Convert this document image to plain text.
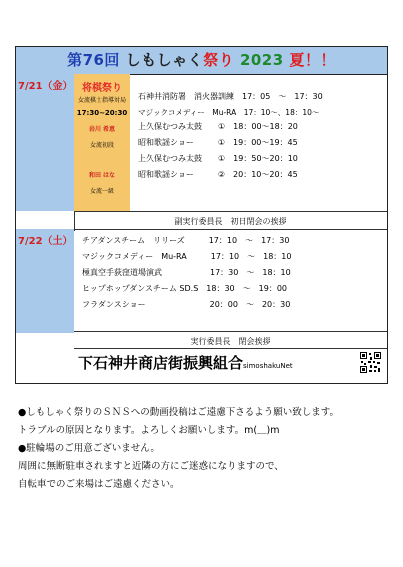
第76回 しもしゃく祭り 2023 夏！！
7/21（金） 将棋祭り
女流棋士指導対局
17:30~20:30
岩川 希恵
女流初段
和田 はな
女流一級
石神井消防署　消火器訓練　17：05　～　17：30
マジックコメディー　Mu-RA　17：10～、18：10～
上久保むつみ太鼓　　①　18：00～18：20
昭和歌謡ショー　　　①　19：00～19：45
上久保むつみ太鼓　　①　19：50～20：10
昭和歌謡ショー　　　②　20：10～20：45
副実行委員長　初日閉会の挨拶
7/22（土） チアダンスチーム　リリーズ　　　17：10　～　17：30
マジックコメディー　Mu-RA　　　17：10　～　18：10
極真空手荻窪道場演武　　　　　　17：30　～　18：10
ヒップホップダンスチーム SD.S　18：30　～　19：00
フラダンスショー　　　　　　　　20：00　～　20：30
実行委員長　閉会挨拶
下石神井商店街振興組合simoshakuNet
●しもしゃく祭りのＳＮＳへの動画投稿はご遠慮下さるよう願い致します。
トラブルの原因となります。よろしくお願いします。m(＿)m
●駐輪場のご用意ございません。
周囲に無断駐車されますと近隣の方にご迷惑になりますので、
自転車でのご来場はご遠慮ください。
